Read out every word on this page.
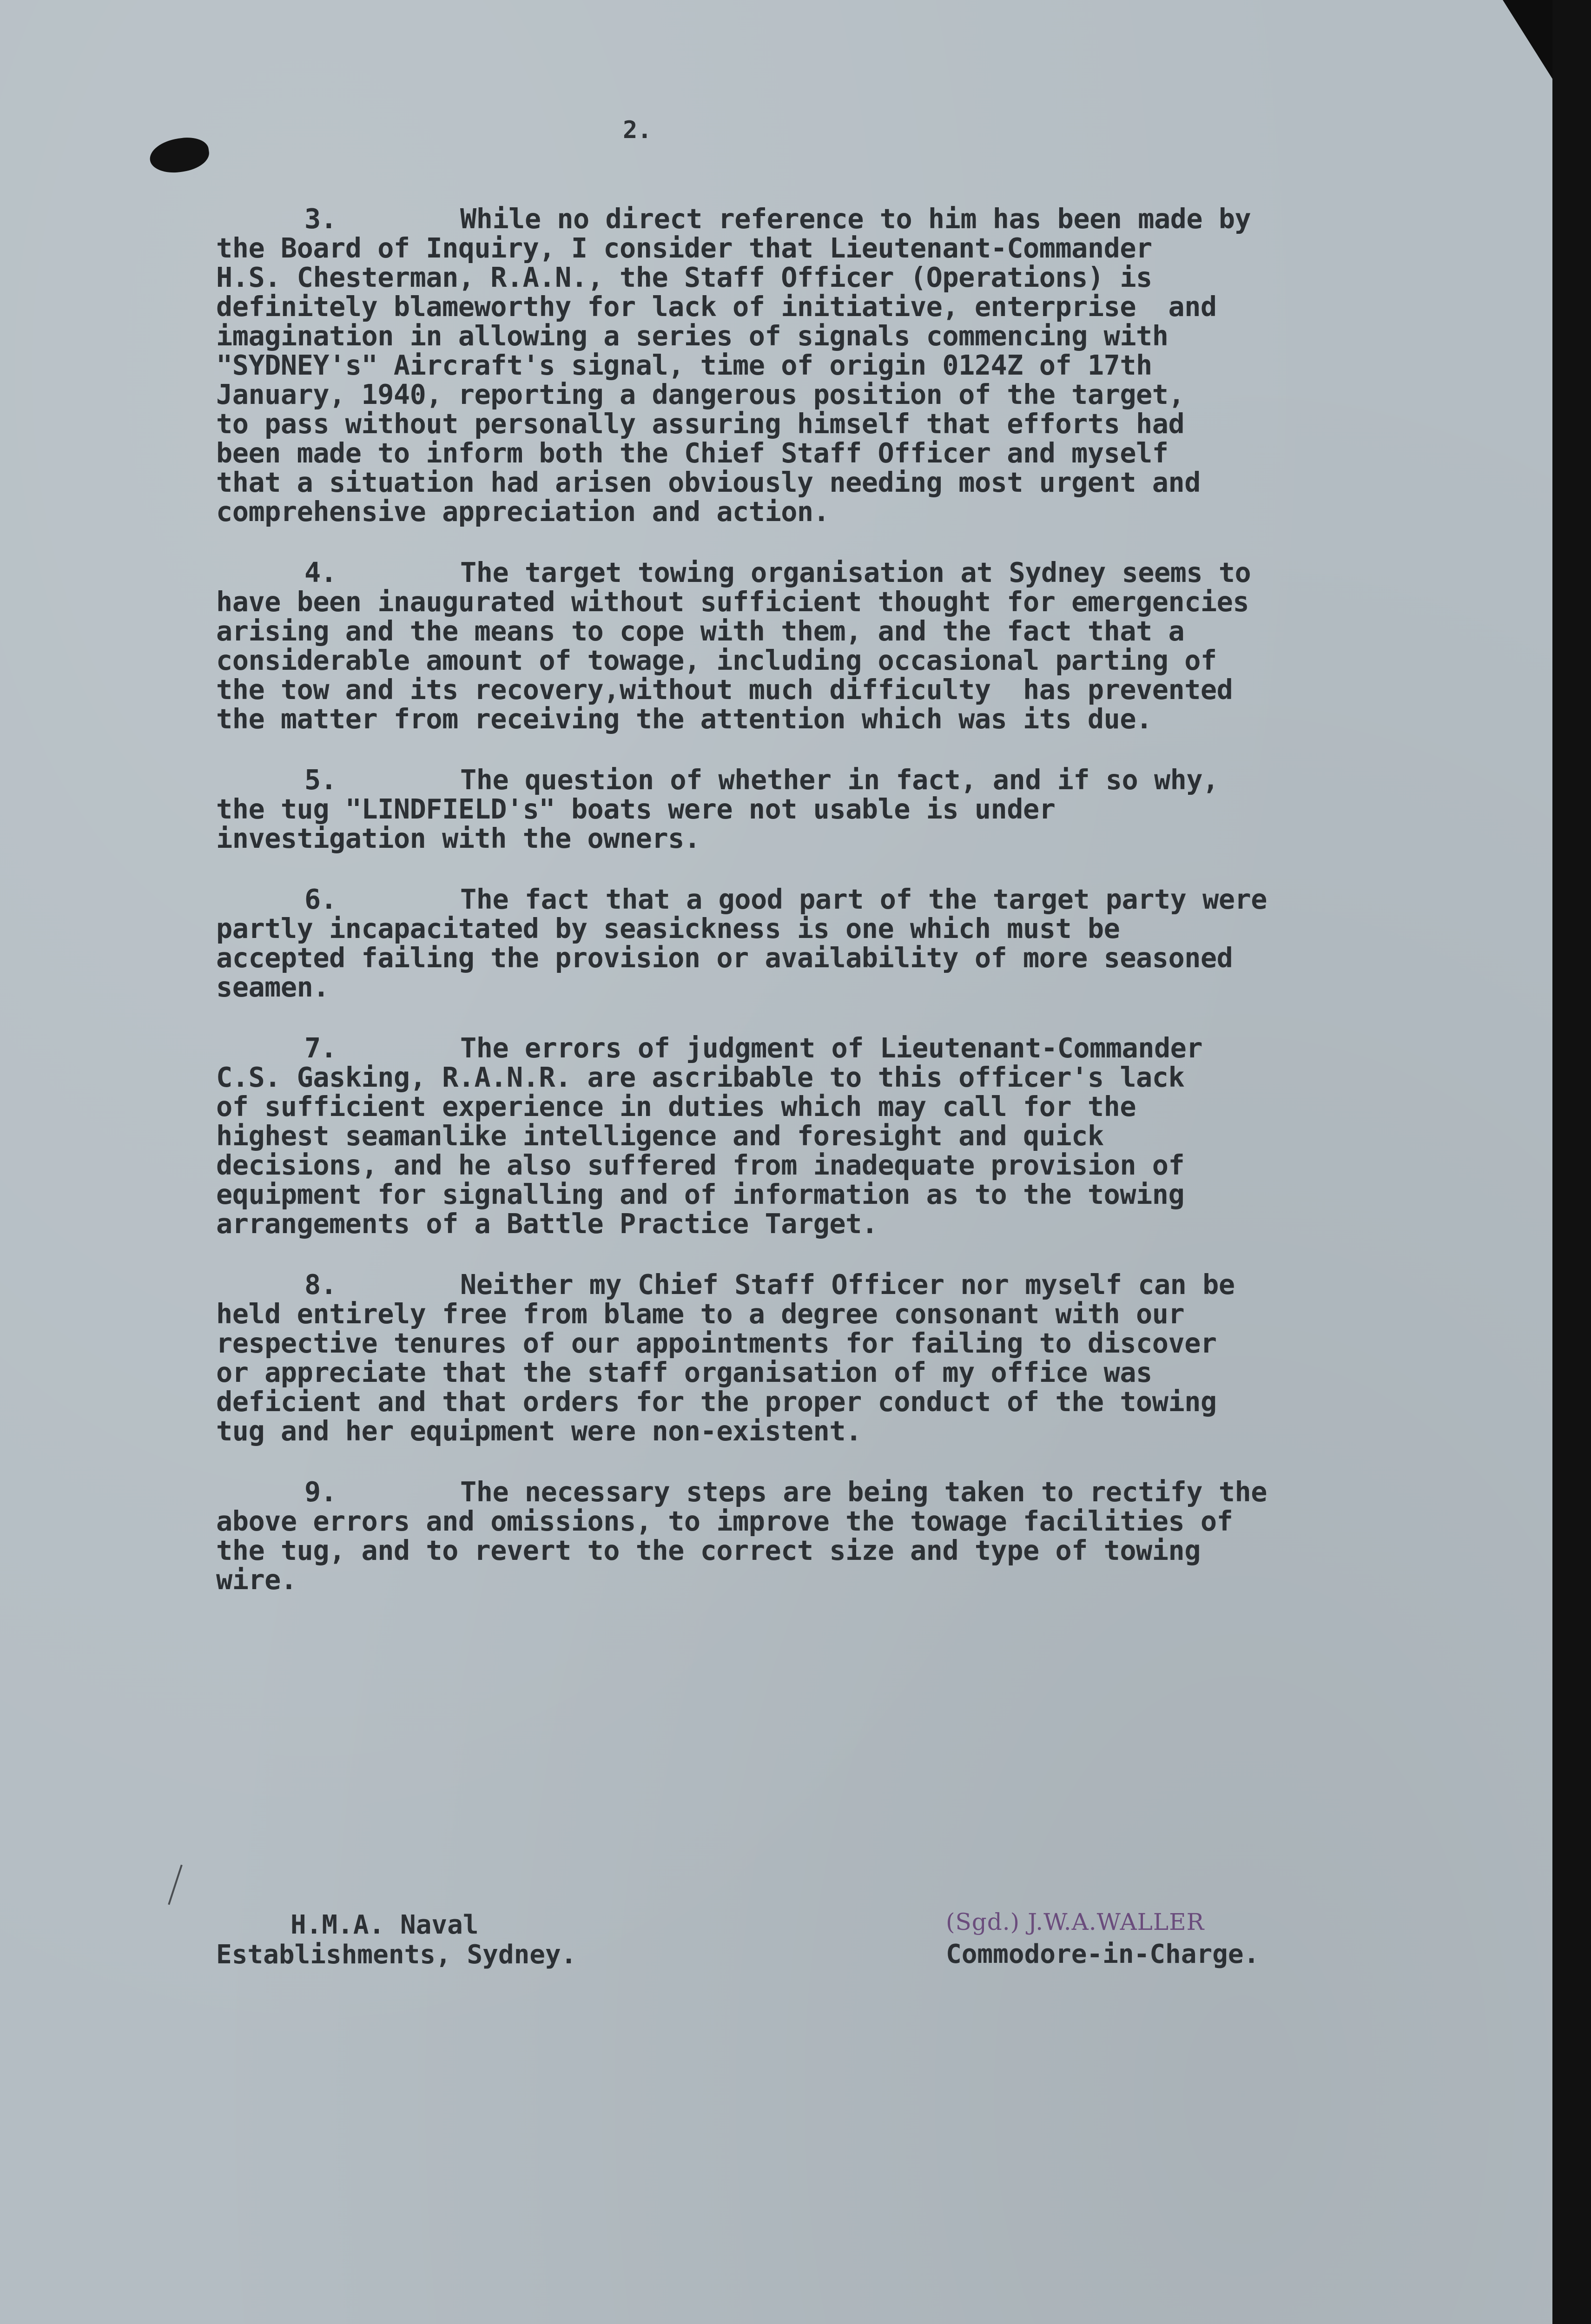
2.
3.	While no direct reference to him has been made by
the Board of Inquiry, I consider that Lieutenant-Commander
H.S. Chesterman, R.A.N., the Staff Officer (Operations) is
definitely blameworthy for lack of initiative, enterprise  and
imagination in allowing a series of signals commencing with
"SYDNEY's" Aircraft's signal, time of origin 0124Z of 17th
January, 1940, reporting a dangerous position of the target,
to pass without personally assuring himself that efforts had
been made to inform both the Chief Staff Officer and myself
that a situation had arisen obviously needing most urgent and
comprehensive appreciation and action.
4.	The target towing organisation at Sydney seems to
have been inaugurated without sufficient thought for emergencies
arising and the means to cope with them, and the fact that a
considerable amount of towage, including occasional parting of
the tow and its recovery,without much difficulty  has prevented
the matter from receiving the attention which was its due.
5.	The question of whether in fact, and if so why,
the tug "LINDFIELD's" boats were not usable is under
investigation with the owners.
6.	The fact that a good part of the target party were
partly incapacitated by seasickness is one which must be
accepted failing the provision or availability of more seasoned
seamen.
7.	The errors of judgment of Lieutenant-Commander
C.S. Gasking, R.A.N.R. are ascribable to this officer's lack
of sufficient experience in duties which may call for the
highest seamanlike intelligence and foresight and quick
decisions, and he also suffered from inadequate provision of
equipment for signalling and of information as to the towing
arrangements of a Battle Practice Target.
8.	Neither my Chief Staff Officer nor myself can be
held entirely free from blame to a degree consonant with our
respective tenures of our appointments for failing to discover
or appreciate that the staff organisation of my office was
deficient and that orders for the proper conduct of the towing
tug and her equipment were non-existent.
9.	The necessary steps are being taken to rectify the
above errors and omissions, to improve the towage facilities of
the tug, and to revert to the correct size and type of towing
wire.
H.M.A. Naval
Establishments, Sydney.
(Sgd.) J.W.A.WALLER
Commodore-in-Charge.
